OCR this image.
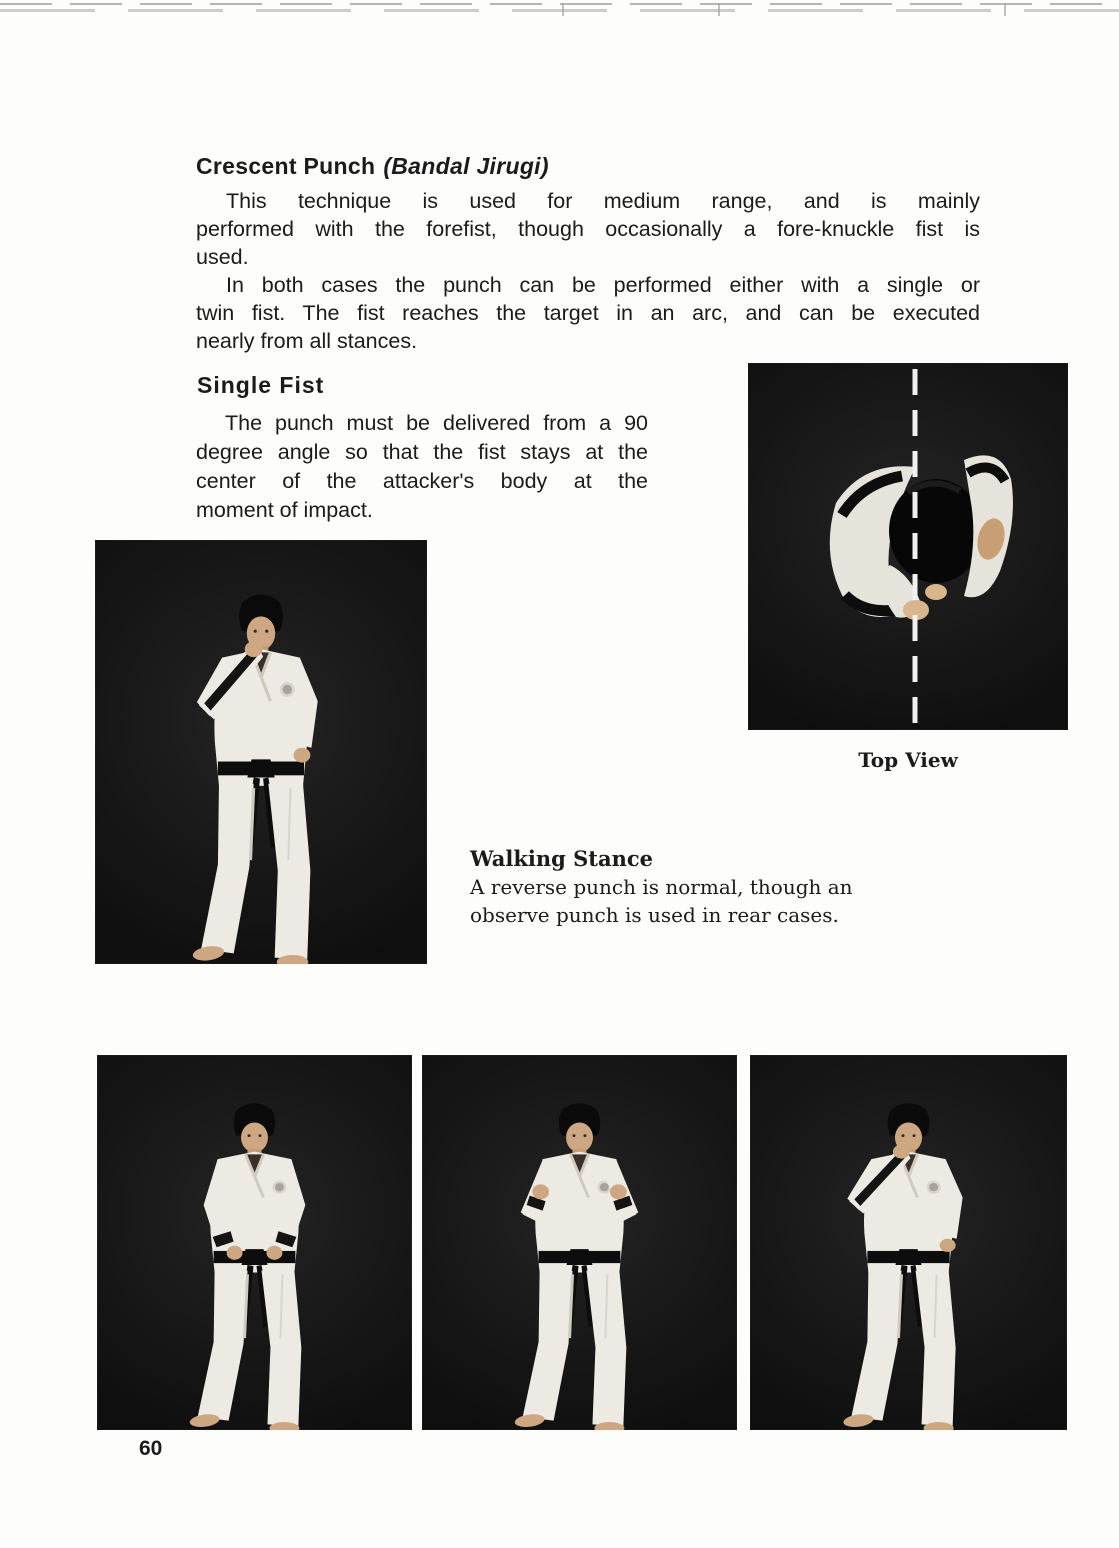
Crescent Punch (Bandal Jirugi)
This technique is used for medium range, and is mainly
performed with the forefist, though occasionally a fore-knuckle fist is
used.
In both cases the punch can be performed either with a single or
twin fist. The fist reaches the target in an arc, and can be executed
nearly from all stances.
Single Fist
The punch must be delivered from a 90
degree angle so that the fist stays at the
center of the attacker's body at the
moment of impact.
Top View
Walking Stance
A reverse punch is normal, though an
observe punch is used in rear cases.
60
